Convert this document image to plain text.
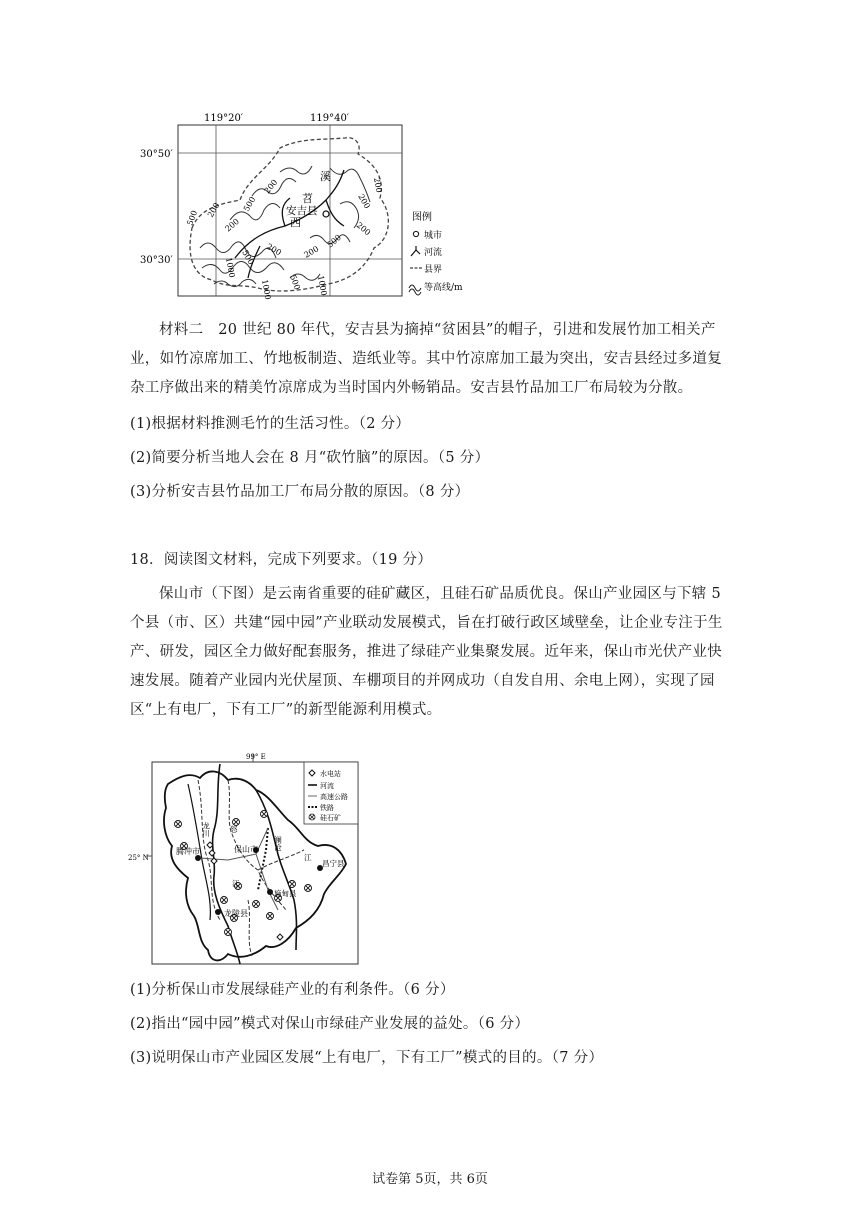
119°20′	119°40′
30°50′
30°30′
溪
苕
西
安吉县
200
200
200
500 200
200
500
200
1000 500 200 200
500
1000 500 1000
图例
城市
河流
县界
等高线/m
材料二　20 世纪 80 年代，安吉县为摘掉“贫困县”的帽子，引进和发展竹加工相关产业，如竹凉席加工、竹地板制造、造纸业等。其中竹凉席加工最为突出，安吉县经过多道复杂工序做出来的精美竹凉席成为当时国内外畅销品。安吉县竹品加工厂布局较为分散。
(1)根据材料推测毛竹的生活习性。（2 分）
(2)简要分析当地人会在 8 月“砍竹脑”的原因。（5 分）
(3)分析安吉县竹品加工厂布局分散的原因。（8 分）
18．阅读图文材料，完成下列要求。（19 分）
保山市（下图）是云南省重要的硅矿藏区，且硅石矿品质优良。保山产业园区与下辖 5 个县（市、区）共建“园中园”产业联动发展模式，旨在打破行政区域壁垒，让企业专注于生产、研发，园区全力做好配套服务，推进了绿硅产业集聚发展。近年来，保山市光伏产业快速发展。随着产业园内光伏屋顶、车棚项目的并网成功（自发自用、余电上网），实现了园区“上有电厂，下有工厂”的新型能源利用模式。
99° E
25° N
腾冲市	保山市
龙陵县
施甸县
昌宁县
龙川	怒
江
澜沧
江
水电站
河流
高速公路
铁路
硅石矿
(1)分析保山市发展绿硅产业的有利条件。（6 分）
(2)指出“园中园”模式对保山市绿硅产业发展的益处。（6 分）
(3)说明保山市产业园区发展“上有电厂，下有工厂”模式的目的。（7 分）
试卷第 5页，共 6页
